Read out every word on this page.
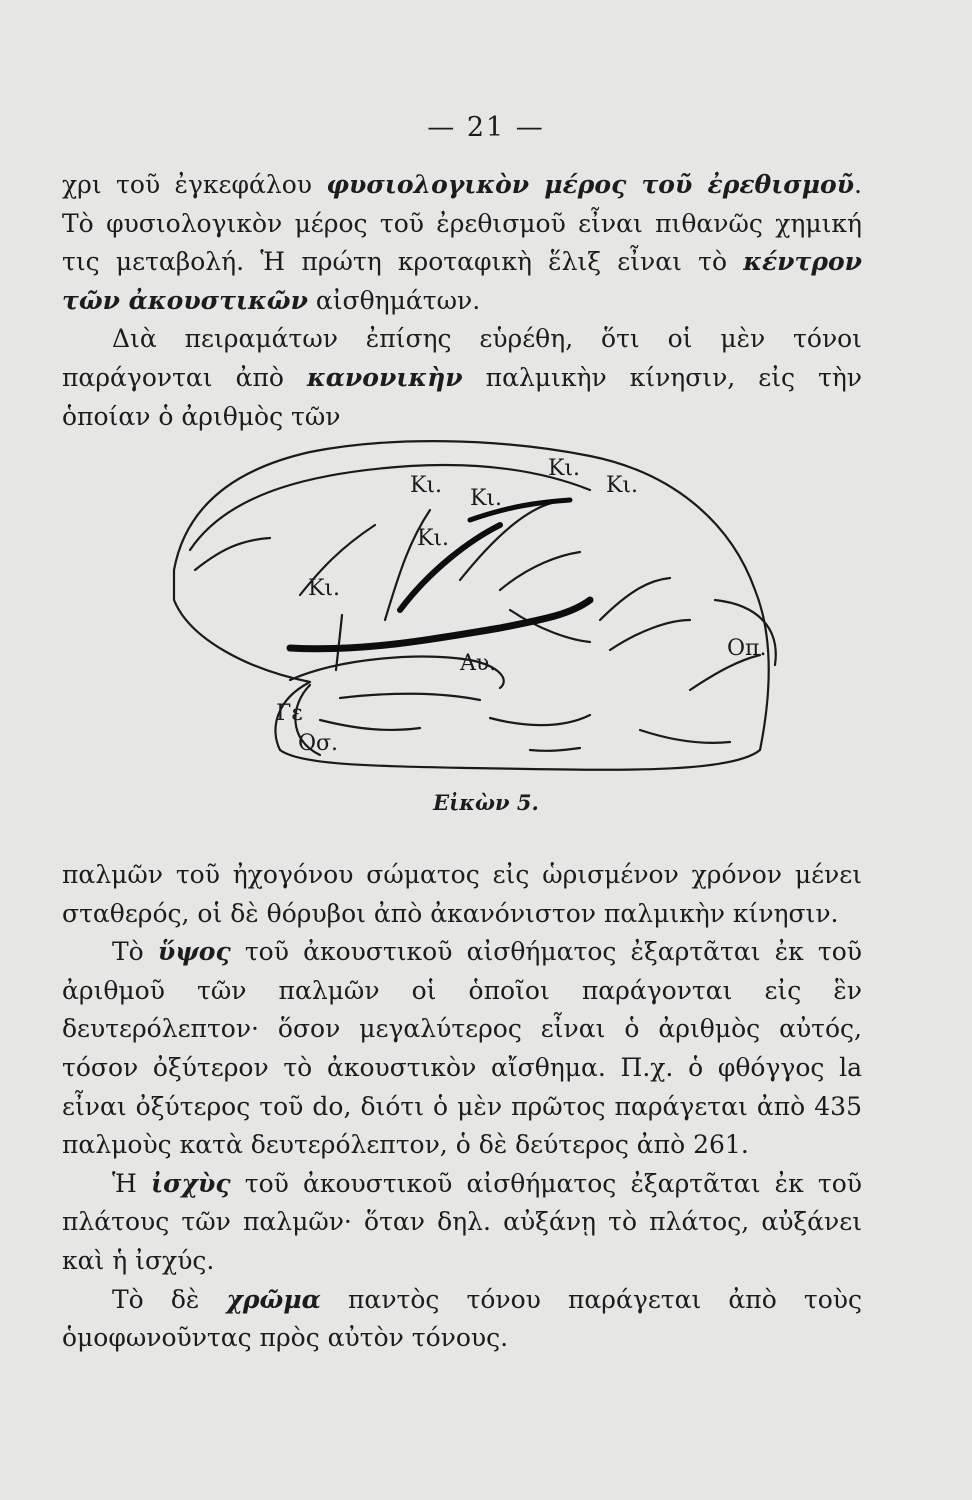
— 21 —

χρι τοῦ ἐγκεφάλου φυσιολογικὸν μέρος τοῦ ἐρεθισμοῦ. Τὸ φυσιολογικὸν μέρος τοῦ ἐρεθισμοῦ εἶναι πιθανῶς χημική τις μεταβολή. Ἡ πρώτη κροταφικὴ ἕλιξ εἶναι τὸ κέντρον τῶν ἀκουστικῶν αἰσθημάτων.

Διὰ πειραμάτων ἐπίσης εὑρέθη, ὅτι οἱ μὲν τόνοι παράγονται ἀπὸ κανονικὴν παλμικὴν κίνησιν, εἰς τὴν ὁποίαν ὁ ἀριθμὸς τῶν

Κι.
Κι.
Κι.
Κι.
Κι.
Κι.
Αυ.
Οπ.
Γε
Οσ.
Εἰκὼν 5.

παλμῶν τοῦ ἠχογόνου σώματος εἰς ὡρισμένον χρόνον μένει σταθερός, οἱ δὲ θόρυβοι ἀπὸ ἀκανόνιστον παλμικὴν κίνησιν.

Τὸ ὕψος τοῦ ἀκουστικοῦ αἰσθήματος ἐξαρτᾶται ἐκ τοῦ ἀριθμοῦ τῶν παλμῶν οἱ ὁποῖοι παράγονται εἰς ἓν δευτερόλεπτον· ὅσον μεγαλύτερος εἶναι ὁ ἀριθμὸς αὐτός, τόσον ὀξύτερον τὸ ἀκουστικὸν αἴσθημα. Π.χ. ὁ φθόγγος la εἶναι ὀξύτερος τοῦ do, διότι ὁ μὲν πρῶτος παράγεται ἀπὸ 435 παλμοὺς κατὰ δευτερόλεπτον, ὁ δὲ δεύτερος ἀπὸ 261.

Ἡ ἰσχὺς τοῦ ἀκουστικοῦ αἰσθήματος ἐξαρτᾶται ἐκ τοῦ πλάτους τῶν παλμῶν· ὅταν δηλ. αὐξάνῃ τὸ πλάτος, αὐξάνει καὶ ἡ ἰσχύς.

Τὸ δὲ χρῶμα παντὸς τόνου παράγεται ἀπὸ τοὺς ὁμοφωνοῦντας πρὸς αὐτὸν τόνους.
